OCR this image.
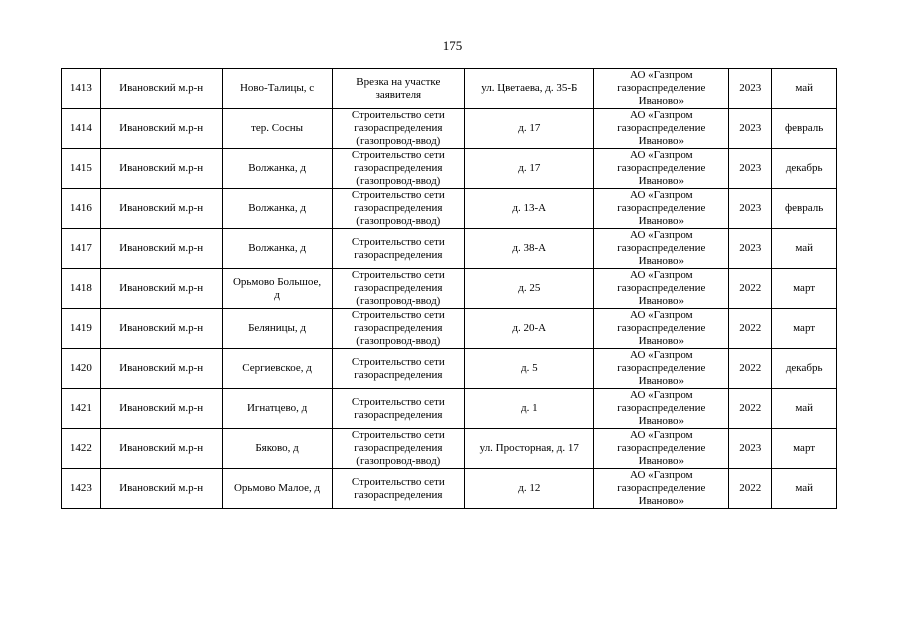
175
1413	Ивановский м.р-н	Ново-Талицы, с	Врезка на участке
заявителя	ул. Цветаева, д. 35-Б	АО «Газпром
газораспределение
Иваново»	2023	май
1414	Ивановский м.р-н	тер. Сосны	Строительство сети
газораспределения
(газопровод-ввод)	д. 17	АО «Газпром
газораспределение
Иваново»	2023	февраль
1415	Ивановский м.р-н	Волжанка, д	Строительство сети
газораспределения
(газопровод-ввод)	д. 17	АО «Газпром
газораспределение
Иваново»	2023	декабрь
1416	Ивановский м.р-н	Волжанка, д	Строительство сети
газораспределения
(газопровод-ввод)	д. 13-А	АО «Газпром
газораспределение
Иваново»	2023	февраль
1417	Ивановский м.р-н	Волжанка, д	Строительство сети
газораспределения	д. 38-А	АО «Газпром
газораспределение
Иваново»	2023	май
1418	Ивановский м.р-н	Орьмово Большое,
д	Строительство сети
газораспределения
(газопровод-ввод)	д. 25	АО «Газпром
газораспределение
Иваново»	2022	март
1419	Ивановский м.р-н	Беляницы, д	Строительство сети
газораспределения
(газопровод-ввод)	д. 20-А	АО «Газпром
газораспределение
Иваново»	2022	март
1420	Ивановский м.р-н	Сергиевское, д	Строительство сети
газораспределения	д. 5	АО «Газпром
газораспределение
Иваново»	2022	декабрь
1421	Ивановский м.р-н	Игнатцево, д	Строительство сети
газораспределения	д. 1	АО «Газпром
газораспределение
Иваново»	2022	май
1422	Ивановский м.р-н	Бяково, д	Строительство сети
газораспределения
(газопровод-ввод)	ул. Просторная, д. 17	АО «Газпром
газораспределение
Иваново»	2023	март
1423	Ивановский м.р-н	Орьмово Малое, д	Строительство сети
газораспределения	д. 12	АО «Газпром
газораспределение
Иваново»	2022	май
